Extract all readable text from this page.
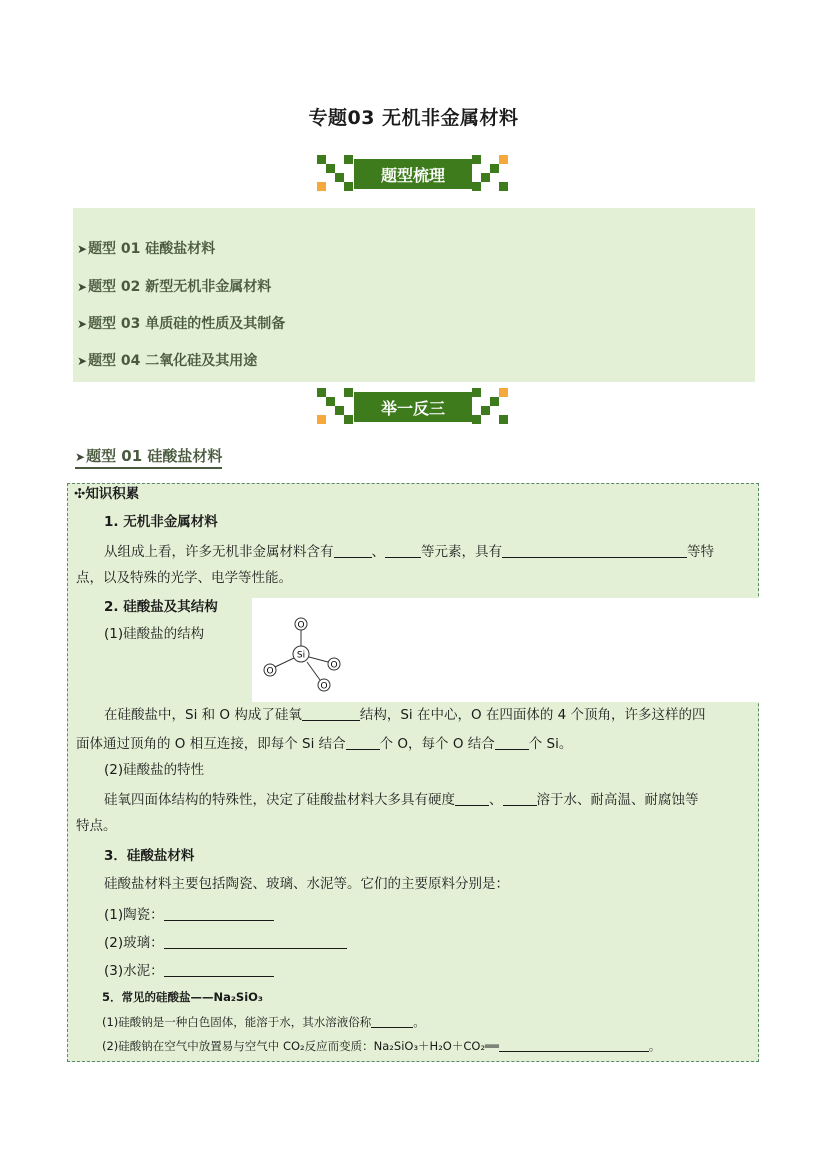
专题03 无机非金属材料
题型梳理
➤题型 01 硅酸盐材料
➤题型 02 新型无机非金属材料
➤题型 03 单质硅的性质及其制备
➤题型 04 二氧化硅及其用途
举一反三
➤题型 01 硅酸盐材料
✣知识积累
1. 无机非金属材料
从组成上看，许多无机非金属材料含有	、	等元素，具有	等特
点，以及特殊的光学、电学等性能。
2. 硅酸盐及其结构
(1)硅酸盐的结构
O
Si
O
O
O
在硅酸盐中，Si 和 O 构成了硅氧	结构，Si 在中心，O 在四面体的 4 个顶角，许多这样的四
面体通过顶角的 O 相互连接，即每个 Si 结合	个 O，每个 O 结合	个 Si。
(2)硅酸盐的特性
硅氧四面体结构的特殊性，决定了硅酸盐材料大多具有硬度	、	溶于水、耐高温、耐腐蚀等
特点。
3．硅酸盐材料
硅酸盐材料主要包括陶瓷、玻璃、水泥等。它们的主要原料分别是：
(1)陶瓷：
(2)玻璃：
(3)水泥：
5．常见的硅酸盐——Na₂SiO₃
(1)硅酸钠是一种白色固体，能溶于水，其水溶液俗称	。
(2)硅酸钠在空气中放置易与空气中 CO₂反应而变质：Na₂SiO₃＋H₂O＋CO₂══	。
